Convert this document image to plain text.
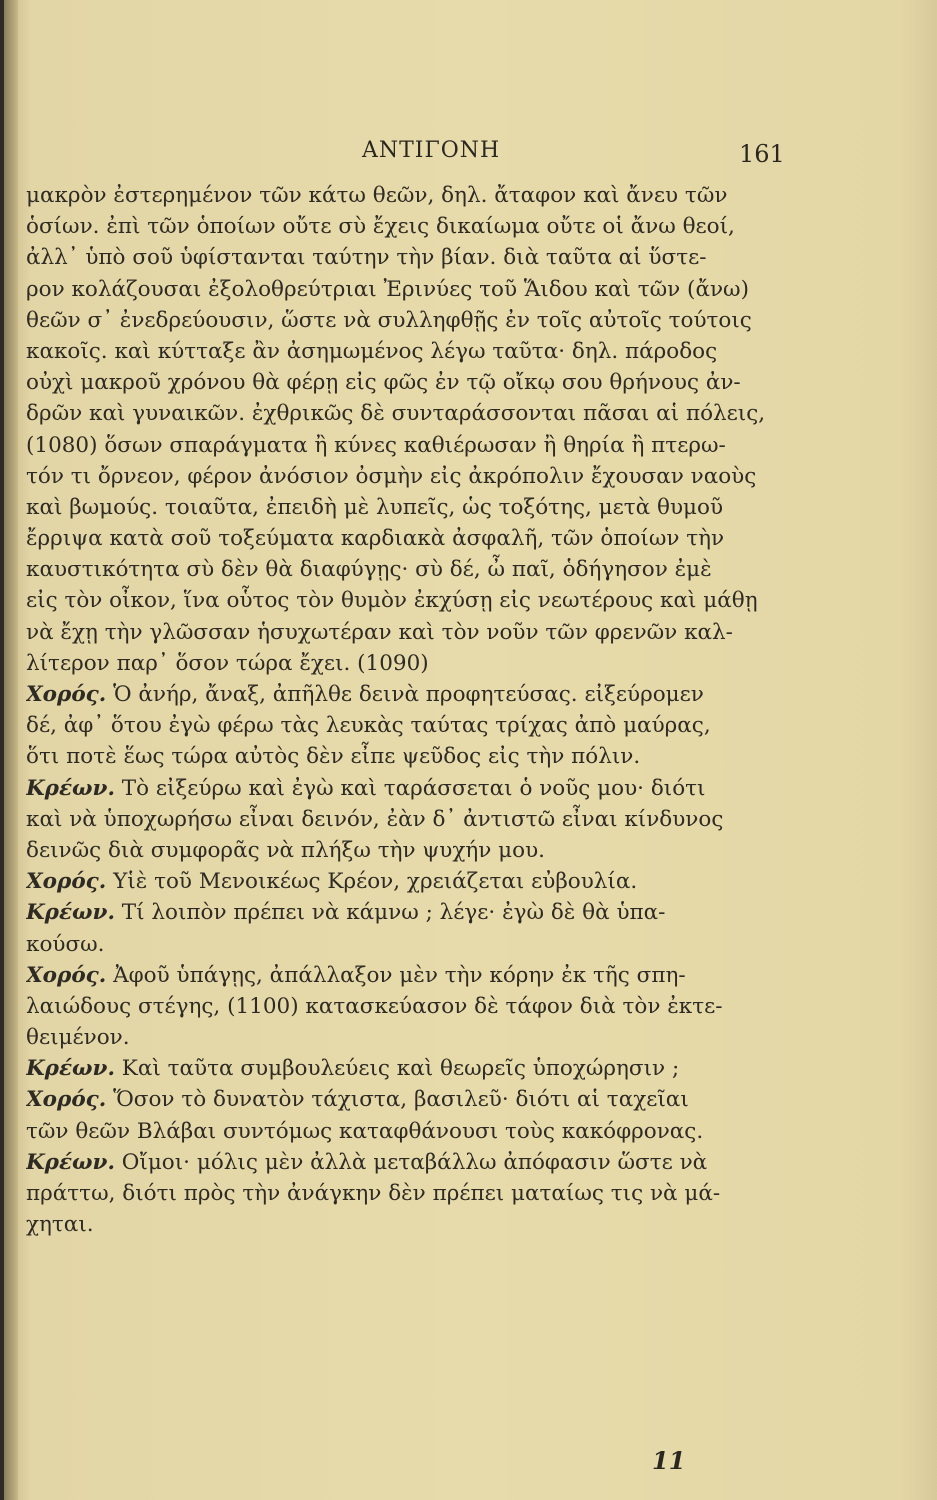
ΑΝΤΙΓΟΝΗ	161
μακρὸν ἐστερημένον τῶν κάτω θεῶν, δηλ. ἄταφον καὶ ἄνευ τῶν
ὁσίων. ἐπὶ τῶν ὁποίων οὔτε σὺ ἔχεις δικαίωμα οὔτε οἱ ἄνω θεοί,
ἀλλ᾽ ὑπὸ σοῦ ὑφίστανται ταύτην τὴν βίαν. διὰ ταῦτα αἱ ὕστε-
ρον κολάζουσαι ἐξολοθρεύτριαι Ἐρινύες τοῦ Ἅιδου καὶ τῶν (ἄνω)
θεῶν σ᾽ ἐνεδρεύουσιν, ὥστε νὰ συλληφθῇς ἐν τοῖς αὐτοῖς τούτοις
κακοῖς. καὶ κύτταξε ἂν ἀσημωμένος λέγω ταῦτα· δηλ. πάροδος
οὐχὶ μακροῦ χρόνου θὰ φέρῃ εἰς φῶς ἐν τῷ οἴκῳ σου θρήνους ἀν-
δρῶν καὶ γυναικῶν. ἐχθρικῶς δὲ συνταράσσονται πᾶσαι αἱ πόλεις,
(1080) ὅσων σπαράγματα ἢ κύνες καθιέρωσαν ἢ θηρία ἢ πτερω-
τόν τι ὄρνεον, φέρον ἀνόσιον ὀσμὴν εἰς ἀκρόπολιν ἔχουσαν ναοὺς
καὶ βωμούς. τοιαῦτα, ἐπειδὴ μὲ λυπεῖς, ὡς τοξότης, μετὰ θυμοῦ
ἔρριψα κατὰ σοῦ τοξεύματα καρδιακὰ ἀσφαλῆ, τῶν ὁποίων τὴν
καυστικότητα σὺ δὲν θὰ διαφύγῃς· σὺ δέ, ὦ παῖ, ὁδήγησον ἐμὲ
εἰς τὸν οἶκον, ἵνα οὗτος τὸν θυμὸν ἐκχύσῃ εἰς νεωτέρους καὶ μάθῃ
νὰ ἔχῃ τὴν γλῶσσαν ἡσυχωτέραν καὶ τὸν νοῦν τῶν φρενῶν καλ-
λίτερον παρ᾽ ὅσον τώρα ἔχει. (1090)
Χορός. Ὁ ἀνήρ, ἄναξ, ἀπῆλθε δεινὰ προφητεύσας. εἰξεύρομεν
δέ, ἀφ᾽ ὅτου ἐγὼ φέρω τὰς λευκὰς ταύτας τρίχας ἀπὸ μαύρας,
ὅτι ποτὲ ἕως τώρα αὐτὸς δὲν εἶπε ψεῦδος εἰς τὴν πόλιν.
Κρέων. Τὸ εἰξεύρω καὶ ἐγὼ καὶ ταράσσεται ὁ νοῦς μου· διότι
καὶ νὰ ὑποχωρήσω εἶναι δεινόν, ἐὰν δ᾽ ἀντιστῶ εἶναι κίνδυνος
δεινῶς διὰ συμφορᾶς νὰ πλήξω τὴν ψυχήν μου.
Χορός. Υἱὲ τοῦ Μενοικέως Κρέον, χρειάζεται εὐβουλία.
Κρέων. Τί λοιπὸν πρέπει νὰ κάμνω ; λέγε· ἐγὼ δὲ θὰ ὑπα-
κούσω.
Χορός. Ἀφοῦ ὑπάγῃς, ἀπάλλαξον μὲν τὴν κόρην ἐκ τῆς σπη-
λαιώδους στέγης, (1100) κατασκεύασον δὲ τάφον διὰ τὸν ἐκτε-
θειμένον.
Κρέων. Καὶ ταῦτα συμβουλεύεις καὶ θεωρεῖς ὑποχώρησιν ;
Χορός. Ὅσον τὸ δυνατὸν τάχιστα, βασιλεῦ· διότι αἱ ταχεῖαι
τῶν θεῶν Βλάβαι συντόμως καταφθάνουσι τοὺς κακόφρονας.
Κρέων. Οἴμοι· μόλις μὲν ἀλλὰ μεταβάλλω ἀπόφασιν ὥστε νὰ
πράττω, διότι πρὸς τὴν ἀνάγκην δὲν πρέπει ματαίως τις νὰ μά-
χηται.
11
